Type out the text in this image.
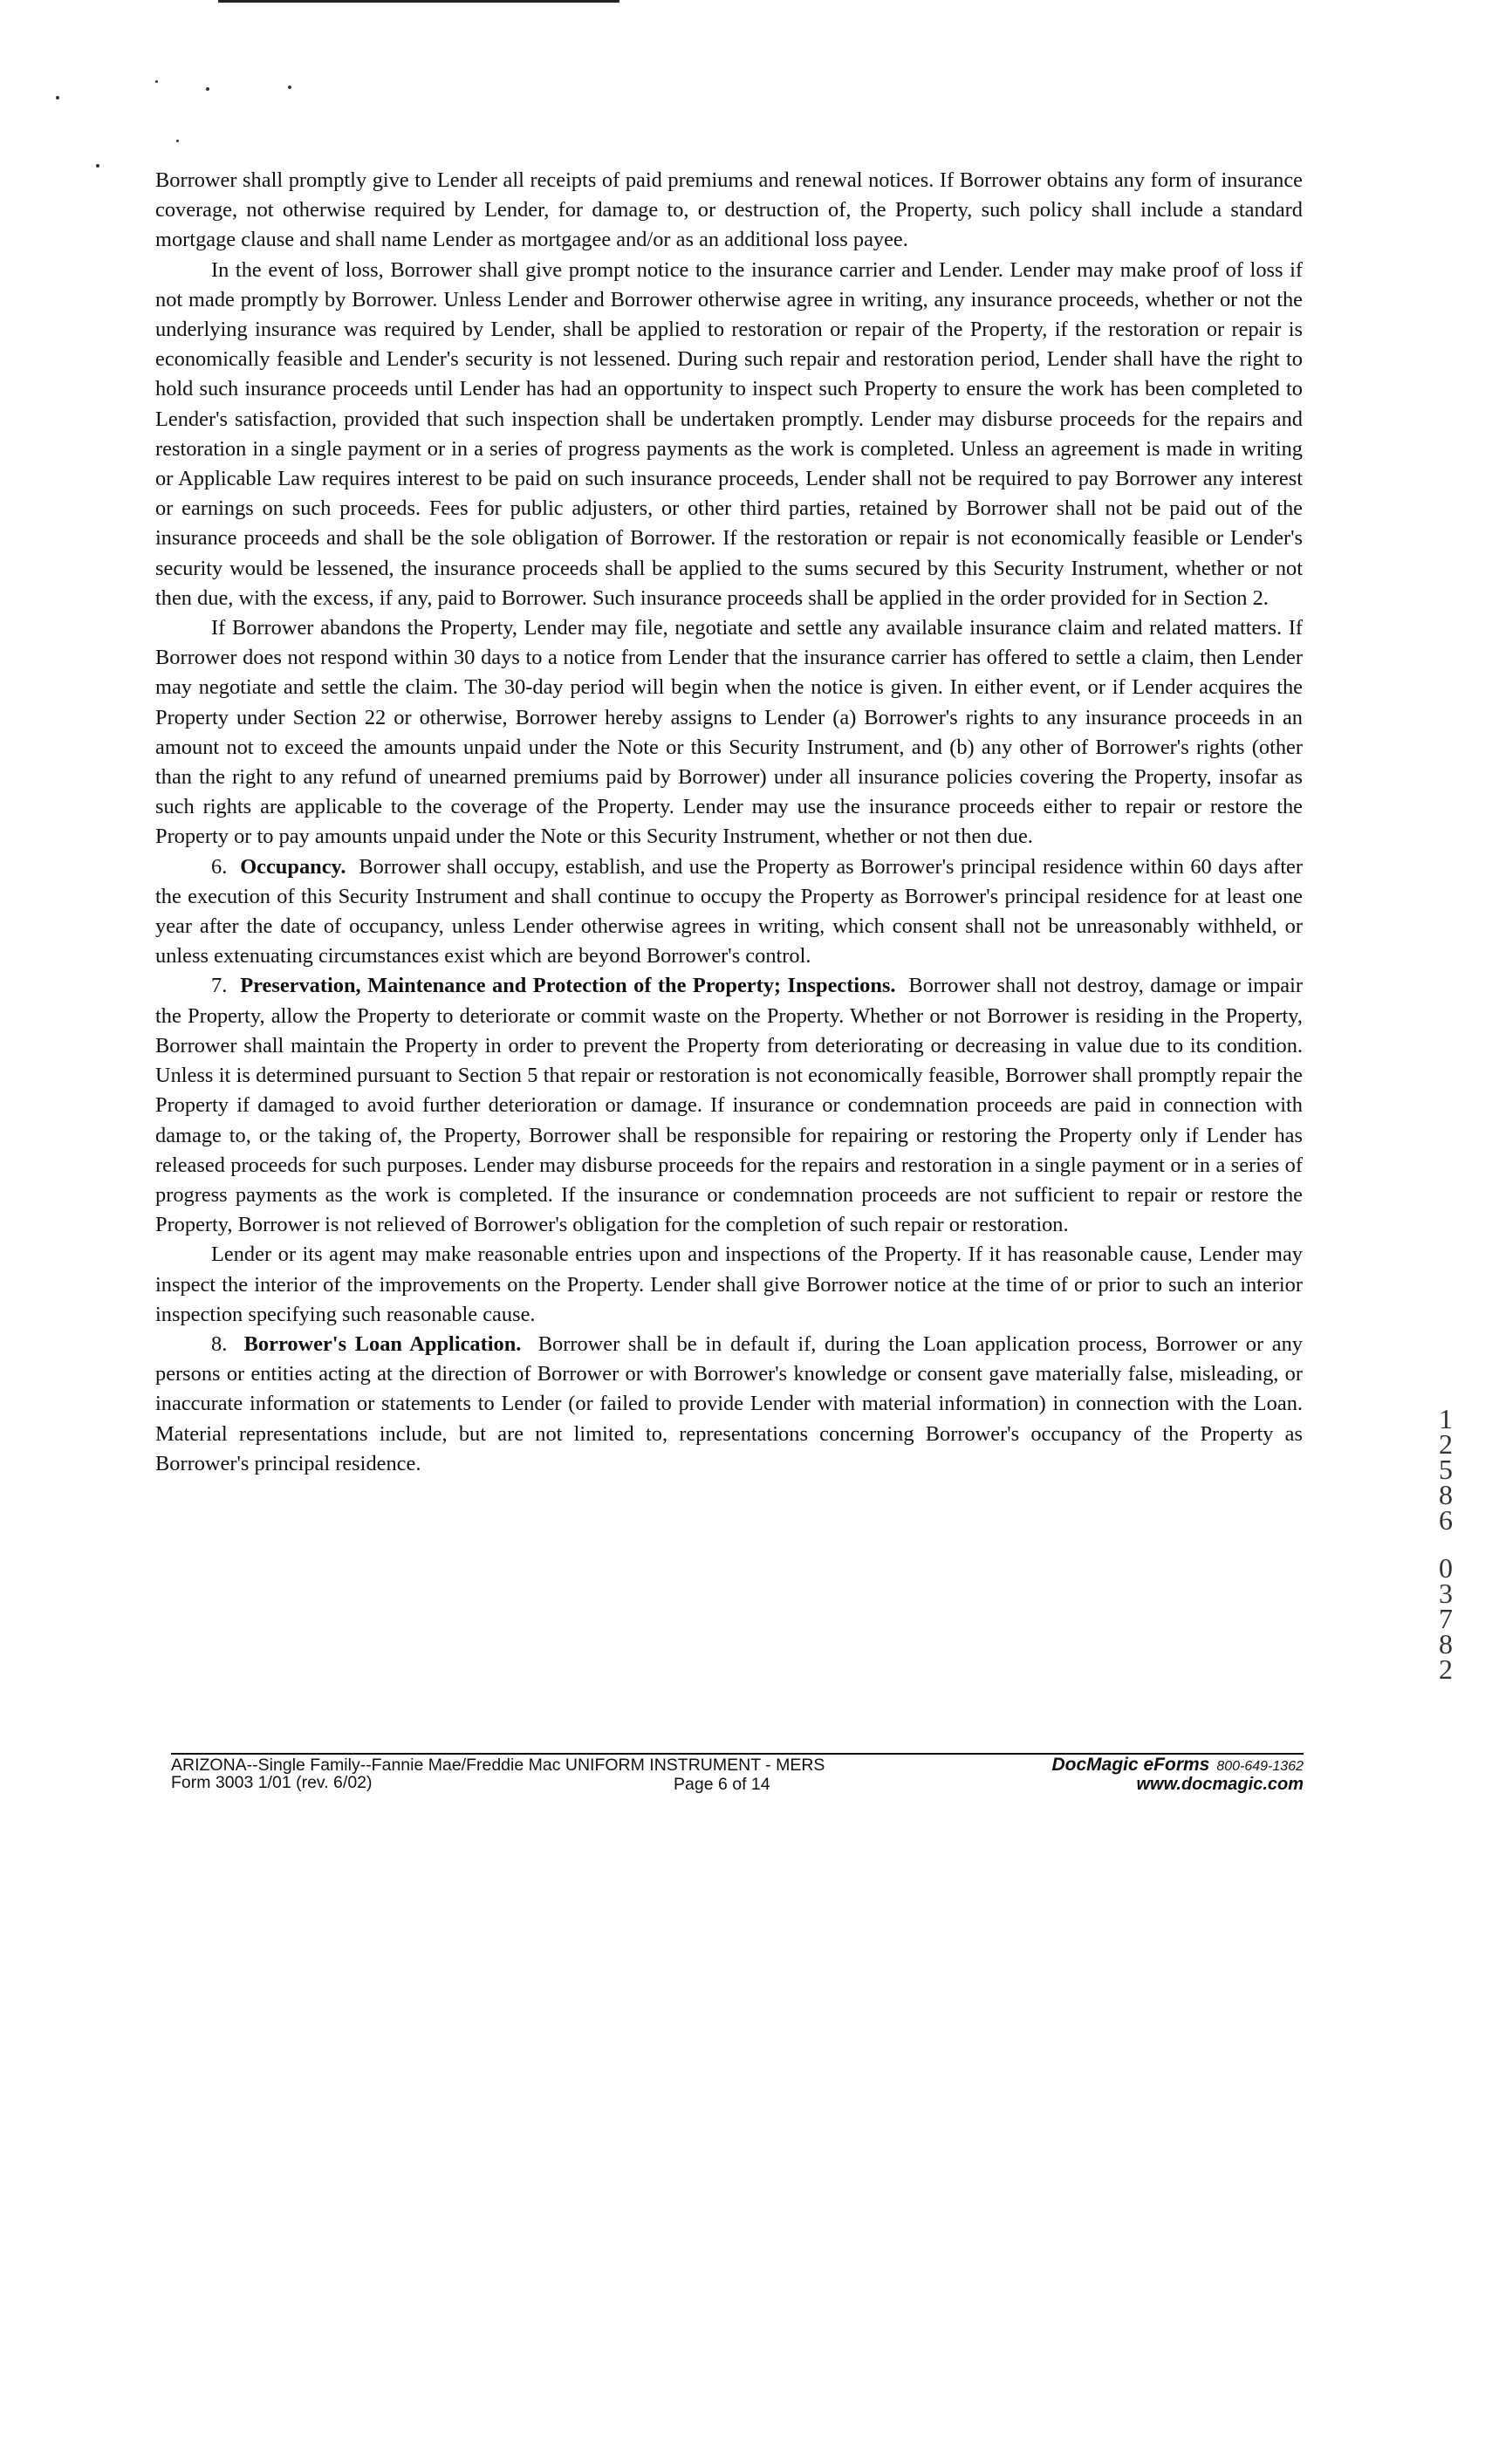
Borrower shall promptly give to Lender all receipts of paid premiums and renewal notices. If Borrower obtains any form of insurance coverage, not otherwise required by Lender, for damage to, or destruction of, the Property, such policy shall include a standard mortgage clause and shall name Lender as mortgagee and/or as an additional loss payee.

In the event of loss, Borrower shall give prompt notice to the insurance carrier and Lender. Lender may make proof of loss if not made promptly by Borrower. Unless Lender and Borrower otherwise agree in writing, any insurance proceeds, whether or not the underlying insurance was required by Lender, shall be applied to restoration or repair of the Property, if the restoration or repair is economically feasible and Lender's security is not lessened. During such repair and restoration period, Lender shall have the right to hold such insurance proceeds until Lender has had an opportunity to inspect such Property to ensure the work has been completed to Lender's satisfaction, provided that such inspection shall be undertaken promptly. Lender may disburse proceeds for the repairs and restoration in a single payment or in a series of progress payments as the work is completed. Unless an agreement is made in writing or Applicable Law requires interest to be paid on such insurance proceeds, Lender shall not be required to pay Borrower any interest or earnings on such proceeds. Fees for public adjusters, or other third parties, retained by Borrower shall not be paid out of the insurance proceeds and shall be the sole obligation of Borrower. If the restoration or repair is not economically feasible or Lender's security would be lessened, the insurance proceeds shall be applied to the sums secured by this Security Instrument, whether or not then due, with the excess, if any, paid to Borrower. Such insurance proceeds shall be applied in the order provided for in Section 2.

If Borrower abandons the Property, Lender may file, negotiate and settle any available insurance claim and related matters. If Borrower does not respond within 30 days to a notice from Lender that the insurance carrier has offered to settle a claim, then Lender may negotiate and settle the claim. The 30-day period will begin when the notice is given. In either event, or if Lender acquires the Property under Section 22 or otherwise, Borrower hereby assigns to Lender (a) Borrower's rights to any insurance proceeds in an amount not to exceed the amounts unpaid under the Note or this Security Instrument, and (b) any other of Borrower's rights (other than the right to any refund of unearned premiums paid by Borrower) under all insurance policies covering the Property, insofar as such rights are applicable to the coverage of the Property. Lender may use the insurance proceeds either to repair or restore the Property or to pay amounts unpaid under the Note or this Security Instrument, whether or not then due.

6. Occupancy. Borrower shall occupy, establish, and use the Property as Borrower's principal residence within 60 days after the execution of this Security Instrument and shall continue to occupy the Property as Borrower's principal residence for at least one year after the date of occupancy, unless Lender otherwise agrees in writing, which consent shall not be unreasonably withheld, or unless extenuating circumstances exist which are beyond Borrower's control.

7. Preservation, Maintenance and Protection of the Property; Inspections. Borrower shall not destroy, damage or impair the Property, allow the Property to deteriorate or commit waste on the Property. Whether or not Borrower is residing in the Property, Borrower shall maintain the Property in order to prevent the Property from deteriorating or decreasing in value due to its condition. Unless it is determined pursuant to Section 5 that repair or restoration is not economically feasible, Borrower shall promptly repair the Property if damaged to avoid further deterioration or damage. If insurance or condemnation proceeds are paid in connection with damage to, or the taking of, the Property, Borrower shall be responsible for repairing or restoring the Property only if Lender has released proceeds for such purposes. Lender may disburse proceeds for the repairs and restoration in a single payment or in a series of progress payments as the work is completed. If the insurance or condemnation proceeds are not sufficient to repair or restore the Property, Borrower is not relieved of Borrower's obligation for the completion of such repair or restoration.

Lender or its agent may make reasonable entries upon and inspections of the Property. If it has reasonable cause, Lender may inspect the interior of the improvements on the Property. Lender shall give Borrower notice at the time of or prior to such an interior inspection specifying such reasonable cause.

8. Borrower's Loan Application. Borrower shall be in default if, during the Loan application process, Borrower or any persons or entities acting at the direction of Borrower or with Borrower's knowledge or consent gave materially false, misleading, or inaccurate information or statements to Lender (or failed to provide Lender with material information) in connection with the Loan. Material representations include, but are not limited to, representations concerning Borrower's occupancy of the Property as Borrower's principal residence.

1
2
5
8
6
0
3
7
8
2
ARIZONA--Single Family--Fannie Mae/Freddie Mac UNIFORM INSTRUMENT - MERS
Form 3003 1/01 (rev. 6/02)	Page 6 of 14
DocMagic eForms 800-649-1362
www.docmagic.com
